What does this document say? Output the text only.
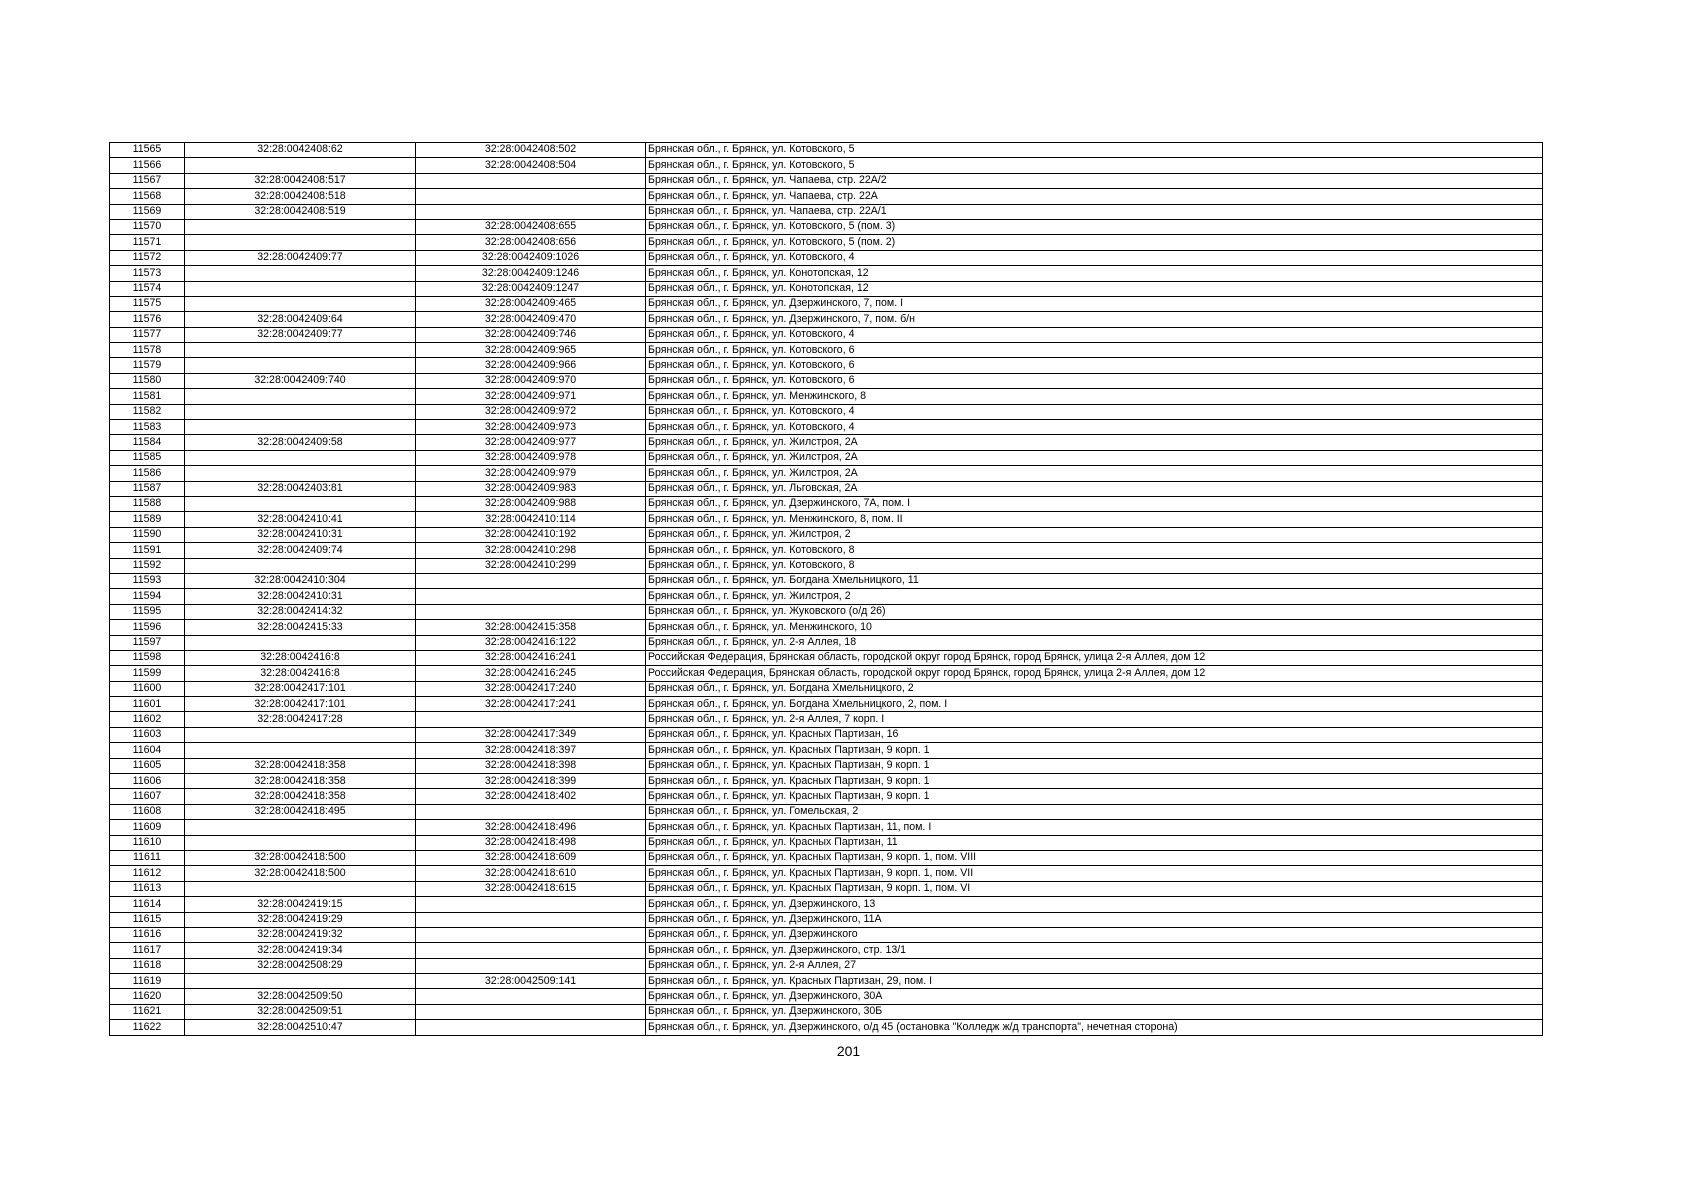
11565	32:28:0042408:62	32:28:0042408:502	Брянская обл., г. Брянск, ул. Котовского, 5
11566		32:28:0042408:504	Брянская обл., г. Брянск, ул. Котовского, 5
11567	32:28:0042408:517		Брянская обл., г. Брянск, ул. Чапаева, стр. 22А/2
11568	32:28:0042408:518		Брянская обл., г. Брянск, ул. Чапаева, стр. 22А
11569	32:28:0042408:519		Брянская обл., г. Брянск, ул. Чапаева, стр. 22А/1
11570		32:28:0042408:655	Брянская обл., г. Брянск, ул. Котовского, 5 (пом. 3)
11571		32:28:0042408:656	Брянская обл., г. Брянск, ул. Котовского, 5 (пом. 2)
11572	32:28:0042409:77	32:28:0042409:1026	Брянская обл., г. Брянск, ул. Котовского, 4
11573		32:28:0042409:1246	Брянская обл., г. Брянск, ул. Конотопская, 12
11574		32:28:0042409:1247	Брянская обл., г. Брянск, ул. Конотопская, 12
11575		32:28:0042409:465	Брянская обл., г. Брянск, ул. Дзержинского, 7, пом. I
11576	32:28:0042409:64	32:28:0042409:470	Брянская обл., г. Брянск, ул. Дзержинского, 7, пом. б/н
11577	32:28:0042409:77	32:28:0042409:746	Брянская обл., г. Брянск, ул. Котовского, 4
11578		32:28:0042409:965	Брянская обл., г. Брянск, ул. Котовского, 6
11579		32:28:0042409:966	Брянская обл., г. Брянск, ул. Котовского, 6
11580	32:28:0042409:740	32:28:0042409:970	Брянская обл., г. Брянск, ул. Котовского, 6
11581		32:28:0042409:971	Брянская обл., г. Брянск, ул. Менжинского, 8
11582		32:28:0042409:972	Брянская обл., г. Брянск, ул. Котовского, 4
11583		32:28:0042409:973	Брянская обл., г. Брянск, ул. Котовского, 4
11584	32:28:0042409:58	32:28:0042409:977	Брянская обл., г. Брянск, ул. Жилстроя, 2А
11585		32:28:0042409:978	Брянская обл., г. Брянск, ул. Жилстроя, 2А
11586		32:28:0042409:979	Брянская обл., г. Брянск, ул. Жилстроя, 2А
11587	32:28:0042403:81	32:28:0042409:983	Брянская обл., г. Брянск, ул. Льговская, 2А
11588		32:28:0042409:988	Брянская обл., г. Брянск, ул. Дзержинского, 7А, пом. I
11589	32:28:0042410:41	32:28:0042410:114	Брянская обл., г. Брянск, ул. Менжинского, 8, пом. II
11590	32:28:0042410:31	32:28:0042410:192	Брянская обл., г. Брянск, ул. Жилстроя, 2
11591	32:28:0042409:74	32:28:0042410:298	Брянская обл., г. Брянск, ул. Котовского, 8
11592		32:28:0042410:299	Брянская обл., г. Брянск, ул. Котовского, 8
11593	32:28:0042410:304		Брянская обл., г. Брянск, ул. Богдана Хмельницкого, 11
11594	32:28:0042410:31		Брянская обл., г. Брянск, ул. Жилстроя, 2
11595	32:28:0042414:32		Брянская обл., г. Брянск, ул. Жуковского (о/д 26)
11596	32:28:0042415:33	32:28:0042415:358	Брянская обл., г. Брянск, ул. Менжинского, 10
11597		32:28:0042416:122	Брянская обл., г. Брянск, ул. 2-я Аллея, 18
11598	32:28:0042416:8	32:28:0042416:241	Российская Федерация, Брянская область, городской округ город Брянск, город Брянск, улица 2-я Аллея, дом 12
11599	32:28:0042416:8	32:28:0042416:245	Российская Федерация, Брянская область, городской округ город Брянск, город Брянск, улица 2-я Аллея, дом 12
11600	32:28:0042417:101	32:28:0042417:240	Брянская обл., г. Брянск, ул. Богдана Хмельницкого, 2
11601	32:28:0042417:101	32:28:0042417:241	Брянская обл., г. Брянск, ул. Богдана Хмельницкого, 2, пом. I
11602	32:28:0042417:28		Брянская обл., г. Брянск, ул. 2-я Аллея, 7 корп. I
11603		32:28:0042417:349	Брянская обл., г. Брянск, ул. Красных Партизан, 16
11604		32:28:0042418:397	Брянская обл., г. Брянск, ул. Красных Партизан, 9 корп. 1
11605	32:28:0042418:358	32:28:0042418:398	Брянская обл., г. Брянск, ул. Красных Партизан, 9 корп. 1
11606	32:28:0042418:358	32:28:0042418:399	Брянская обл., г. Брянск, ул. Красных Партизан, 9 корп. 1
11607	32:28:0042418:358	32:28:0042418:402	Брянская обл., г. Брянск, ул. Красных Партизан, 9 корп. 1
11608	32:28:0042418:495		Брянская обл., г. Брянск, ул. Гомельская, 2
11609		32:28:0042418:496	Брянская обл., г. Брянск, ул. Красных Партизан, 11, пом. I
11610		32:28:0042418:498	Брянская обл., г. Брянск, ул. Красных Партизан, 11
11611	32:28:0042418:500	32:28:0042418:609	Брянская обл., г. Брянск, ул. Красных Партизан, 9 корп. 1, пом. VIII
11612	32:28:0042418:500	32:28:0042418:610	Брянская обл., г. Брянск, ул. Красных Партизан, 9 корп. 1, пом. VII
11613		32:28:0042418:615	Брянская обл., г. Брянск, ул. Красных Партизан, 9 корп. 1, пом. VI
11614	32:28:0042419:15		Брянская обл., г. Брянск, ул. Дзержинского, 13
11615	32:28:0042419:29		Брянская обл., г. Брянск, ул. Дзержинского, 11А
11616	32:28:0042419:32		Брянская обл., г. Брянск, ул. Дзержинского
11617	32:28:0042419:34		Брянская обл., г. Брянск, ул. Дзержинского, стр. 13/1
11618	32:28:0042508:29		Брянская обл., г. Брянск, ул. 2-я Аллея, 27
11619		32:28:0042509:141	Брянская обл., г. Брянск, ул. Красных Партизан, 29, пом. I
11620	32:28:0042509:50		Брянская обл., г. Брянск, ул. Дзержинского, 30А
11621	32:28:0042509:51		Брянская обл., г. Брянск, ул. Дзержинского, 30Б
11622	32:28:0042510:47		Брянская обл., г. Брянск, ул. Дзержинского, о/д 45 (остановка "Колледж ж/д транспорта", нечетная сторона)
201
